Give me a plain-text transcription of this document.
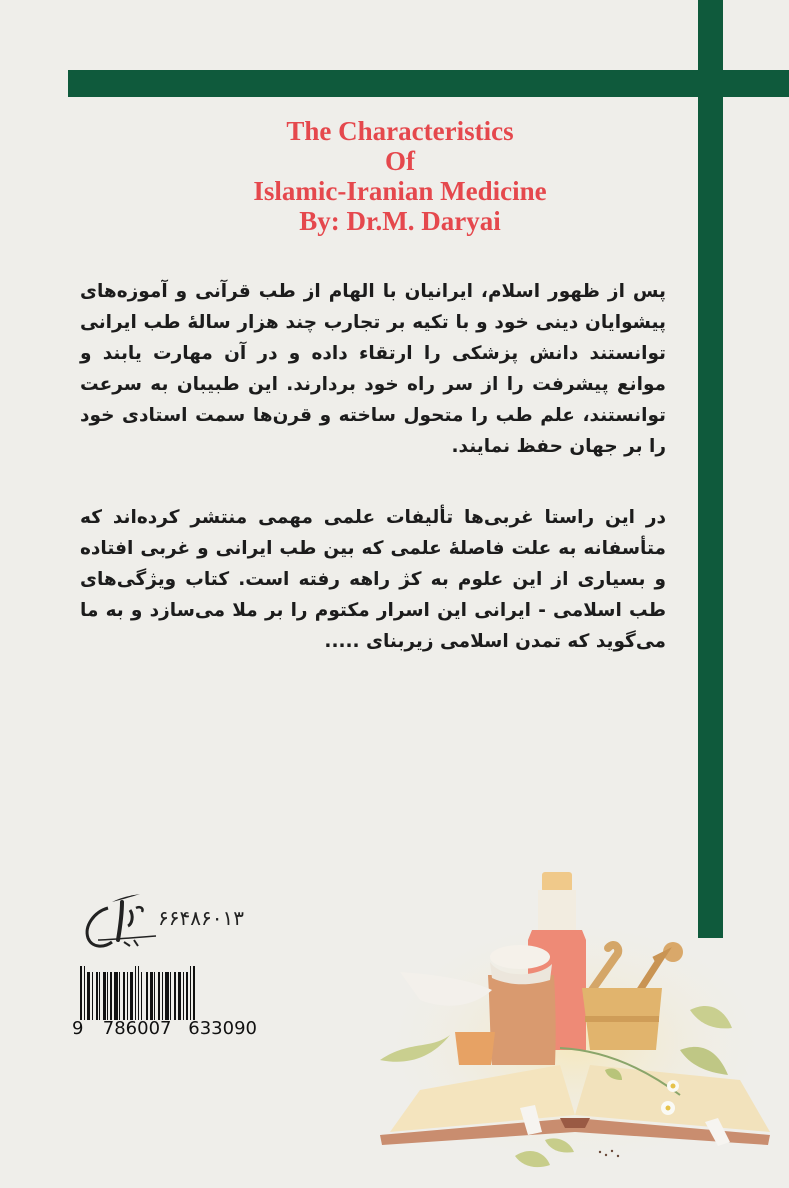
The Characteristics
Of
Islamic-Iranian Medicine
By: Dr.M. Daryai

پس از ظهور اسلام، ایرانیان با الهام از طب قرآنی و آموزه‌های پیشوایان دینی خود و با تکیه بر تجارب چند هزار سالهٔ طب ایرانی توانستند دانش پزشکی را ارتقاء داده و در آن مهارت یابند و موانع پیشرفت را از سر راه خود بردارند. این طبیبان به سرعت توانستند، علم طب را متحول ساخته و قرن‌ها سمت استادی خود را بر جهان حفظ نمایند.

در این راستا غربی‌ها تألیفات علمی مهمی منتشر کرده‌اند که متأسفانه به علت فاصلهٔ علمی که بین طب ایرانی و غربی افتاده و بسیاری از این علوم به کژ راهه رفته است. کتاب ویژگی‌های طب اسلامی - ایرانی این اسرار مکتوم را بر ملا می‌سازد و به ما می‌گوید که تمدن اسلامی زیربنای .....

۶۶۴۸۶۰۱۳
9 786007 633090
